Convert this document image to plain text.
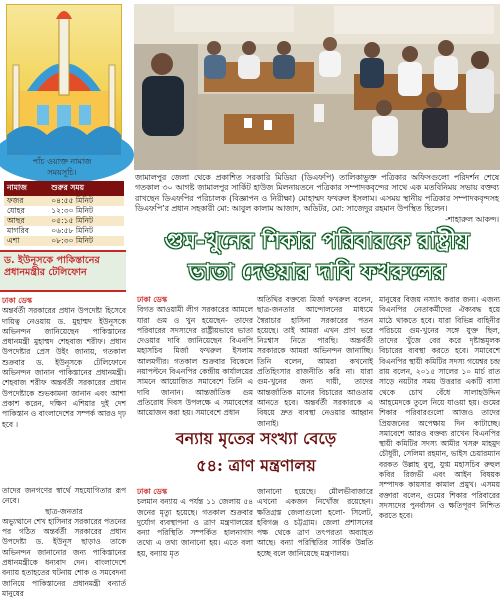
পাঁচ ওয়াক্ত নামাজ
সময়সূচি।
নামাজ	শুরুর সময়
ফজর	০৪:৫৫ মিনিট
যোহর	১২:৩০ মিনিট
আছর	০৫:১৫ মিনিট
মাগরিব	০৬:৫৮ মিনিট
এশা	০৮:৩০ মিনিট
ড. ইউনূসকে পাকিস্তানের প্রধানমন্ত্রীর টেলিফোন
ঢাকা ডেস্ক
অন্তর্বর্তী সরকারের প্রধান উপদেষ্টা হিসেবে দায়িত্ব নেওয়ায় ড. মুহাম্মদ ইউনূসকে অভিনন্দন জানিয়েছেন পাকিস্তানের প্রধানমন্ত্রী মুহাম্মদ শেহবাজ শরীফ। প্রধান উপদেষ্টার প্রেস উইং জানায়, গতকাল শুক্রবার ড. ইউনূসকে টেলিফোনে অভিনন্দন জানান পাকিস্তানের প্রধানমন্ত্রী। শেহবাজ শরীফ অন্তর্বর্তী সরকারের প্রধান উপদেষ্টাকে শুভকামনা জানান এবং আশা প্রকাশ করেন, দক্ষিণ এশিয়ার দুই দেশ পাকিস্তান ও বাংলাদেশের সম্পর্ক আরও দৃঢ় হবে ।
তাদের জনগণের স্বার্থে সহযোগিতার রূপ নেবে।
ছাত্র-জনতার
অভ্যুত্থানে শেখ হাসিনার সরকারের পতনের পর গঠিত অন্তর্বর্তী সরকারের প্রধান উপদেষ্টা ড. ইউনূস ছাড়াও তাকে অভিনন্দন জানানোর জন্য পাকিস্তানের প্রধানমন্ত্রীকে ধন্যবাদ দেন। বাংলাদেশে বন্যায় হতাহতের ঘটনায় শোক ও সমবেদনা জানিয়ে পাকিস্তানের প্রধানমন্ত্রী বন্যার্ত মানুষের
জামালপুর জেলা থেকে প্রকাশিত সরকারি মিডিয়া (ডিএফপি) তালিকাভুক্ত পত্রিকার অফিসগুলো পরিদর্শন শেষে গতকাল ৩০ আগষ্ট জামালপুর সার্কিট হাউজ মিলনায়তনে পত্রিকার সম্পাদকবৃন্দের সাথে এক মতবিনিময় সভায় বক্তব্য রাখছেন ডিএফপির পরিচালক (বিজ্ঞাপন ও নিরীক্ষা) মোহাম্মদ ফখরুল ইসলাম। এসময় স্থানীয় পত্রিকার সম্পাদকবৃন্দসহ ডিএফপি’র প্রধান সহকারী মো: আবুল কালাম আজাদ, অডিটর, মো: সাজেদুর রহমান উপস্থিত ছিলেন।
-শাহারুল আকন্দ।
গুম-খুনের শিকার পরিবারকে রাষ্ট্রীয়
ভাতা দেওয়ার দাবি ফখরুলের
ঢাকা ডেস্ক
বিগত আওয়ামী লীগ সরকারের আমলে যারা গুম ও খুন হয়েছেন- তাদের পরিবারের সদস্যদের রাষ্ট্রীয়ভাবে ভাতা দেওয়ার দাবি জানিয়েছেন বিএনপি মহাসচিব মির্জা ফখরুল ইসলাম আলমগীর। গতকাল শুক্রবার বিকেলে নয়াপল্টনে বিএনপির কেন্দ্রীয় কার্যালয়ের সামনে আয়োজিত সমাবেশে তিনি এ দাবি জানান। আন্তর্জাতিক গুম প্রতিরোধ দিবস উপলক্ষে এ সমাবেশের আয়োজন করা হয়। সমাবেশে প্রধান
অতিথির বক্তব্যে মির্জা ফখরুল বলেন, ছাত্র-জনতার আন্দোলনের মাধ্যমে স্বৈরাচার হাসিনা সরকারের পতন হয়েছে। তাই আমরা এখন প্রাণ ভরে নিঃশ্বাস নিতে পারছি। অন্তর্বর্তী সরকারকে আমরা অভিনন্দন জানাচ্ছি। তিনি বলেন, আমরা কখনোই প্রতিহিংসার রাজনীতি করি না। যারা গুম-খুনের জন্য দায়ী, তাদের আন্তর্জাতিক মানের বিচারের আওতায় আনতে হবে। অন্তর্বর্তী সরকারকে এ বিষয়ে দ্রুত ব্যবস্থা নেওয়ার আহ্বান জানাই।
মানুষের বিজয় নস্যাৎ করার জন্য। এজন্য বিএনপির নেতাকর্মীদের ঐক্যবদ্ধ হয়ে মাঠে থাকতে হবে। যারা বিভিন্ন বাহিনীর পরিচয়ে গুম-খুনের সঙ্গে যুক্ত ছিল, তাদের খুঁজে বের করে দৃষ্টান্তমূলক বিচারের ব্যবস্থা করতে হবে। সমাবেশে বিএনপির স্থায়ী কমিটির সদস্য গয়েশ্বর চন্দ্র রায় বলেন, ২০১৫ সালের ১০ মার্চ রাত সাড়ে নয়টার সময় উত্তরার একটি বাসা থেকে চোখ বেঁধে সালাহউদ্দিন আহমেদকে তুলে নিয়ে যাওয়া হয়। গুমের শিকার পরিবারগুলো আজও তাদের প্রিয়জনের অপেক্ষায় দিন কাটাচ্ছে। সমাবেশে আরও বক্তব্য রাখেন বিএনপির স্থায়ী কমিটির সদস্য আমীর খসরু মাহমুদ চৌধুরী, সেলিমা রহমান, ভাইস চেয়ারম্যান বরকত উল্লাহ বুলু, যুগ্ম মহাসচিব রুহুল কবির রিজভী এবং আইন বিষয়ক সম্পাদক কায়সার কামাল প্রমুখ। এসময় বক্তারা বলেন, গুমের শিকার পরিবারের সদস্যদের পুনর্বাসন ও ক্ষতিপূরণ নিশ্চিত করতে হবে।
বন্যায় মৃতের সংখ্যা বেড়ে
৫৪: ত্রাণ মন্ত্রণালয়
ঢাকা ডেস্ক
চলমান বন্যায় এ পর্যন্ত ১১ জেলায় ৫৪ জনের মৃত্যু হয়েছে। গতকাল শুক্রবার দুর্যোগ ব্যবস্থাপনা ও ত্রাণ মন্ত্রণালয়ের বন্যা পরিস্থিতি সম্পর্কিত হালনাগাদ তথ্যে এ তথ্য জানানো হয়। এতে বলা হয়, বন্যায় মৃত
জানানো হয়েছে। মৌলভীবাজারে এখনো একজন নিখোঁজ রয়েছেন। ক্ষতিগ্রস্ত জেলাগুলো হলো- সিলেট, হবিগঞ্জ ও চট্টগ্রাম। জেলা প্রশাসনের পক্ষ থেকে ত্রাণ তৎপরতা অব্যাহত আছে। বন্যা পরিস্থিতির সার্বিক উন্নতি হচ্ছে বলে জানিয়েছে মন্ত্রণালয়।
